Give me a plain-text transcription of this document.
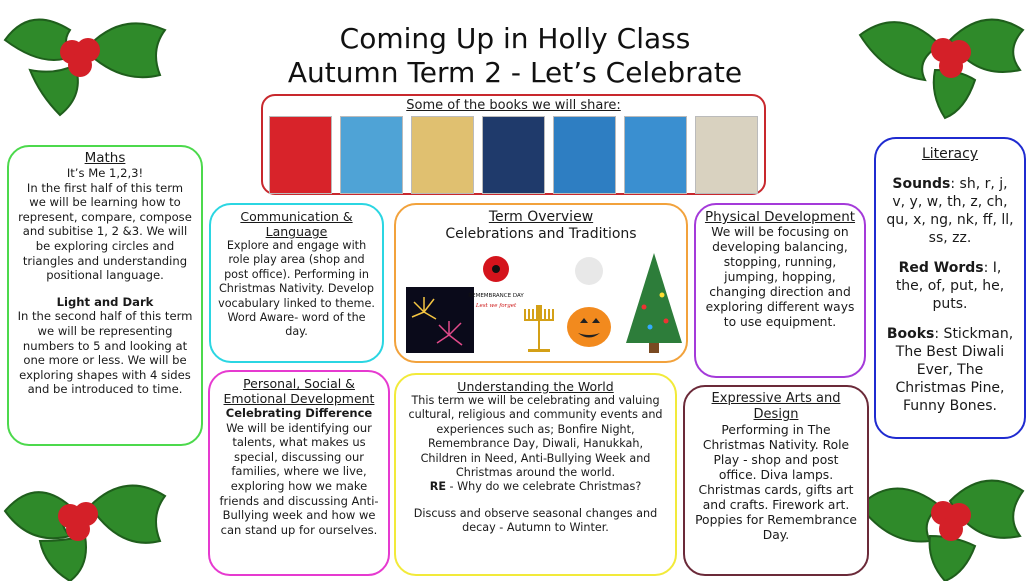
Coming Up in Holly Class
Autumn Term 2 - Let’s Celebrate
Some of the books we will share:
Maths

It’s Me 1,2,3!

In the first half of this term we will be learning how to represent, compare, compose and subitise 1, 2 &3. We will be exploring circles and triangles and understanding positional language.

Light and Dark

In the second half of this term we will be representing numbers to 5 and looking at one more or less. We will be exploring shapes with 4 sides and be introduced to time.

Communication & Language

Explore and engage with role play area (shop and post office). Performing in Christmas Nativity. Develop vocabulary linked to theme. Word Aware- word of the day.

Term Overview

Celebrations and Traditions

REMEMBRANCE DAY
Lest we forget
Physical Development

We will be focusing on developing balancing, stopping, running, jumping, hopping, changing direction and exploring different ways to use equipment.

Literacy

Sounds: sh, r, j, v, y, w, th, z, ch, qu, x, ng, nk, ff, ll, ss, zz.

Red Words: I, the, of, put, he, puts.

Books: Stickman, The Best Diwali Ever, The Christmas Pine, Funny Bones.

Personal, Social & Emotional Development

Celebrating Difference

We will be identifying our talents, what makes us special, discussing our families, where we live, exploring how we make friends and discussing Anti-Bullying week and how we can stand up for ourselves.

Understanding the World

This term we will be celebrating and valuing cultural, religious and community events and experiences such as; Bonfire Night, Remembrance Day, Diwali, Hanukkah, Children in Need, Anti-Bullying Week and Christmas around the world.

RE - Why do we celebrate Christmas?

Discuss and observe seasonal changes and decay - Autumn to Winter.

Expressive Arts and Design

Performing in The Christmas Nativity. Role Play - shop and post office. Diva lamps. Christmas cards, gifts art and crafts. Firework art. Poppies for Remembrance Day.
